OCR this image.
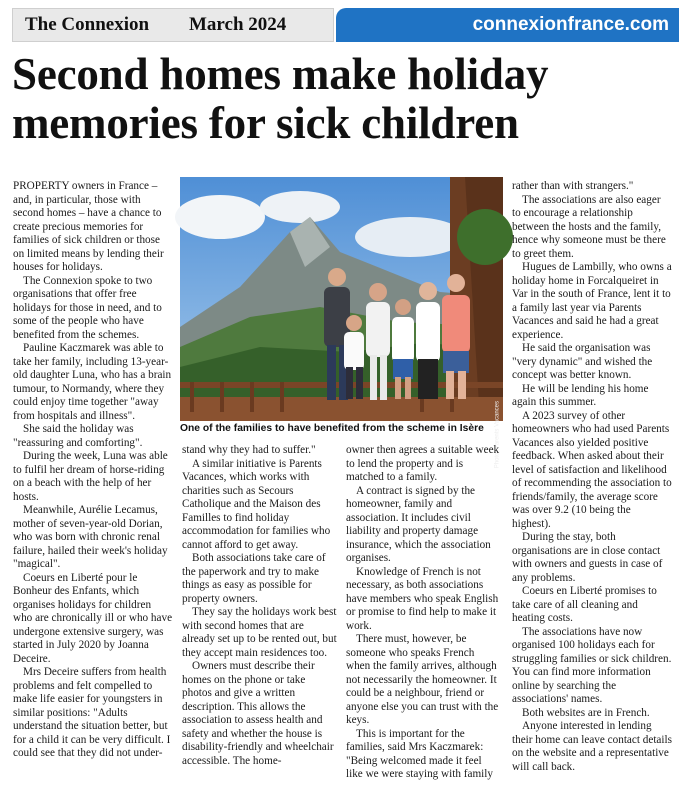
The Connexion March 2024	connexionfrance.com
Second homes make holiday memories for sick children

PROPERTY owners in France – and, in particular, those with second homes – have a chance to create precious memories for families of sick children or those on limited means by lending their houses for holidays.

The Connexion spoke to two organisations that offer free holidays for those in need, and to some of the people who have benefited from the schemes.

Pauline Kaczmarek was able to take her family, including 13-year-old daughter Luna, who has a brain tumour, to Normandy, where they could enjoy time together "away from hospitals and illness".

She said the holiday was "reassuring and comforting".

During the week, Luna was able to fulfil her dream of horse-riding on a beach with the help of her hosts.

Meanwhile, Aurélie Lecamus, mother of seven-year-old Dorian, who was born with chronic renal failure, hailed their week's holiday "magical".

Coeurs en Liberté pour le Bonheur des Enfants, which organises holidays for children who are chronically ill or who have undergone extensive surgery, was started in July 2020 by Joanna Deceire.

Mrs Deceire suffers from health problems and felt compelled to make life easier for youngsters in similar positions: "Adults understand the situation better, but for a child it can be very difficult. I could see that they did not under-

Photo: Parents Vacances
One of the families to have benefited from the scheme in Isère

stand why they had to suffer."

A similar initiative is Parents Vacances, which works with charities such as Secours Catholique and the Maison des Familles to find holiday accommodation for families who cannot afford to get away.

Both associations take care of the paperwork and try to make things as easy as possible for property owners.

They say the holidays work best with second homes that are already set up to be rented out, but they accept main residences too.

Owners must describe their homes on the phone or take photos and give a written description. This allows the association to assess health and safety and whether the house is disability-friendly and wheelchair accessible. The home-

owner then agrees a suitable week to lend the property and is matched to a family.

A contract is signed by the homeowner, family and association. It includes civil liability and property damage insurance, which the association organises.

Knowledge of French is not necessary, as both associations have members who speak English or promise to find help to make it work.

There must, however, be someone who speaks French when the family arrives, although not necessarily the homeowner. It could be a neighbour, friend or anyone else you can trust with the keys.

This is important for the families, said Mrs Kaczmarek: "Being welcomed made it feel like we were staying with family

rather than with strangers."

The associations are also eager to encourage a relationship between the hosts and the family, hence why someone must be there to greet them.

Hugues de Lambilly, who owns a holiday home in Forcalqueiret in Var in the south of France, lent it to a family last year via Parents Vacances and said he had a great experience.

He said the organisation was "very dynamic" and wished the concept was better known.

He will be lending his home again this summer.

A 2023 survey of other homeowners who had used Parents Vacances also yielded positive feedback. When asked about their level of satisfaction and likelihood of recommending the association to friends/family, the average score was over 9.2 (10 being the highest).

During the stay, both organisations are in close contact with owners and guests in case of any problems.

Coeurs en Liberté promises to take care of all cleaning and heating costs.

The associations have now organised 100 holidays each for struggling families or sick children. You can find more information online by searching the associations' names.

Both websites are in French.

Anyone interested in lending their home can leave contact details on the website and a representative will call back.
